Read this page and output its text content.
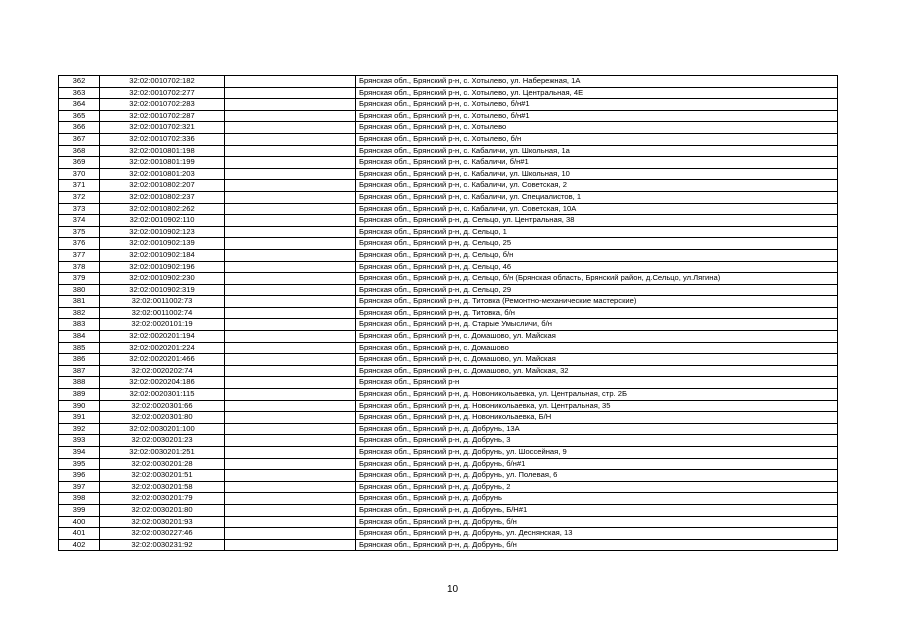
362	32:02:0010702:182		Брянская обл., Брянский р-н, с. Хотылево, ул. Набережная, 1А
363	32:02:0010702:277		Брянская обл., Брянский р-н, с. Хотылево, ул. Центральная, 4Е
364	32:02:0010702:283		Брянская обл., Брянский р-н, с. Хотылево, б/н#1
365	32:02:0010702:287		Брянская обл., Брянский р-н, с. Хотылево, б/н#1
366	32:02:0010702:321		Брянская обл., Брянский р-н, с. Хотылево
367	32:02:0010702:336		Брянская обл., Брянский р-н, с. Хотылево, б/н
368	32:02:0010801:198		Брянская обл., Брянский р-н, с. Кабаличи, ул. Школьная, 1а
369	32:02:0010801:199		Брянская обл., Брянский р-н, с. Кабаличи, б/н#1
370	32:02:0010801:203		Брянская обл., Брянский р-н, с. Кабаличи, ул. Школьная, 10
371	32:02:0010802:207		Брянская обл., Брянский р-н, с. Кабаличи, ул. Советская, 2
372	32:02:0010802:237		Брянская обл., Брянский р-н, с. Кабаличи, ул. Специалистов, 1
373	32:02:0010802:262		Брянская обл., Брянский р-н, с. Кабаличи, ул. Советская, 10А
374	32:02:0010902:110		Брянская обл., Брянский р-н, д. Сельцо, ул. Центральная, 38
375	32:02:0010902:123		Брянская обл., Брянский р-н, д. Сельцо, 1
376	32:02:0010902:139		Брянская обл., Брянский р-н, д. Сельцо, 25
377	32:02:0010902:184		Брянская обл., Брянский р-н, д. Сельцо, б/н
378	32:02:0010902:196		Брянская обл., Брянский р-н, д. Сельцо, 46
379	32:02:0010902:230		Брянская обл., Брянский р-н, д. Сельцо, б/н (Брянская область, Брянский район, д.Сельцо, ул.Лягина)
380	32:02:0010902:319		Брянская обл., Брянский р-н, д. Сельцо, 29
381	32:02:0011002:73		Брянская обл., Брянский р-н, д. Титовка (Ремонтно-механические мастерские)
382	32:02:0011002:74		Брянская обл., Брянский р-н, д. Титовка, б/н
383	32:02:0020101:19		Брянская обл., Брянский р-н, д. Старые Умысличи, б/н
384	32:02:0020201:194		Брянская обл., Брянский р-н, с. Домашово, ул. Майская
385	32:02:0020201:224		Брянская обл., Брянский р-н, с. Домашово
386	32:02:0020201:466		Брянская обл., Брянский р-н, с. Домашово, ул. Майская
387	32:02:0020202:74		Брянская обл., Брянский р-н, с. Домашово, ул. Майская, 32
388	32:02:0020204:186		Брянская обл., Брянский р-н
389	32:02:0020301:115		Брянская обл., Брянский р-н, д. Новоникольаевка, ул. Центральная, стр. 2Б
390	32:02:0020301:66		Брянская обл., Брянский р-н, д. Новоникольаевка, ул. Центральная, 35
391	32:02:0020301:80		Брянская обл., Брянский р-н, д. Новоникольаевка, Б/Н
392	32:02:0030201:100		Брянская обл., Брянский р-н, д. Добрунь, 13А
393	32:02:0030201:23		Брянская обл., Брянский р-н, д. Добрунь, 3
394	32:02:0030201:251		Брянская обл., Брянский р-н, д. Добрунь, ул. Шоссейная, 9
395	32:02:0030201:28		Брянская обл., Брянский р-н, д. Добрунь, б/н#1
396	32:02:0030201:51		Брянская обл., Брянский р-н, д. Добрунь, ул. Полевая, 6
397	32:02:0030201:58		Брянская обл., Брянский р-н, д. Добрунь, 2
398	32:02:0030201:79		Брянская обл., Брянский р-н, д. Добрунь
399	32:02:0030201:80		Брянская обл., Брянский р-н, д. Добрунь, Б/Н#1
400	32:02:0030201:93		Брянская обл., Брянский р-н, д. Добрунь, б/н
401	32:02:0030227:46		Брянская обл., Брянский р-н, д. Добрунь, ул. Деснянская, 13
402	32:02:0030231:92		Брянская обл., Брянский р-н, д. Добрунь, б/н
10
